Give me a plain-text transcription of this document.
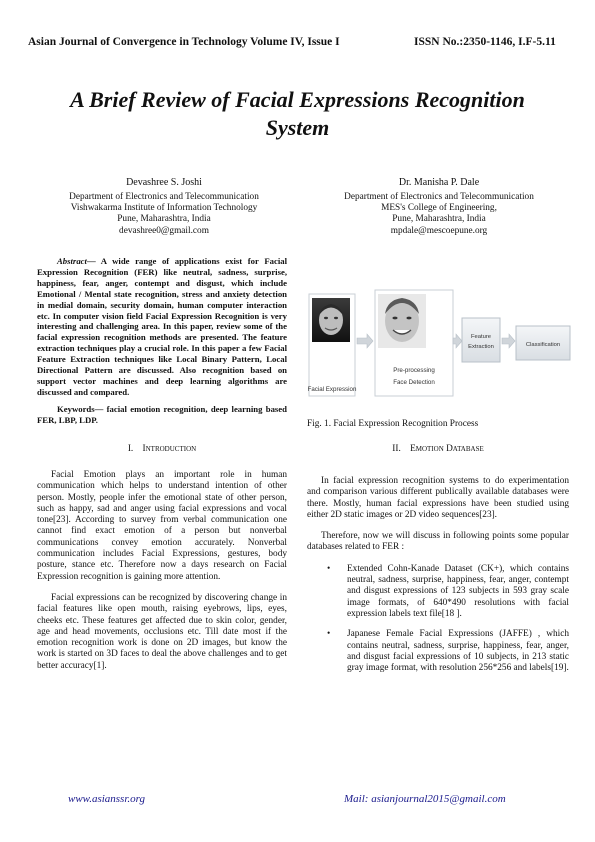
Asian Journal of Convergence in Technology Volume IV, Issue I	ISSN No.:2350-1146, I.F-5.11
A Brief Review of Facial Expressions Recognition
System
Devashree S. Joshi
Department of Electronics and Telecommunication
Vishwakarma Institute of Information Technology
Pune, Maharashtra, India
devashree0@gmail.com
Dr. Manisha P. Dale
Department of Electronics and Telecommunication
MES's College of Engineering,
Pune, Maharashtra, India
mpdale@mescoepune.org
Abstract— A wide range of applications exist for Facial Expression Recognition (FER) like neutral, sadness, surprise, happiness, fear, anger, contempt and disgust, which include Emotional / Mental state recognition, stress and anxiety detection in medial domain, security domain, human computer interaction etc. In computer vision field Facial Expression Recognition is very interesting and challenging area. In this paper, review some of the facial expression recognition methods are presented. The feature extraction techniques play a crucial role. In this paper a few Facial Feature Extraction techniques like Local Binary Pattern, Local Directional Pattern are discussed. Also recognition based on support vector machines and deep learning algorithms are discussed and compared.
Keywords— facial emotion recognition, deep learning based FER, LBP, LDP.
I. Introduction

Facial Emotion plays an important role in human communication which helps to understand intention of other person. Mostly, people infer the emotional state of other person, such as happy, sad and anger using facial expressions and vocal tone[23]. According to survey from verbal communication one cannot find exact emotion of a person but nonverbal communications convey emotion accurately. Nonverbal communication includes Facial Expressions, gestures, body posture, stance etc. Therefore now a days research on Facial Expression recognition is gaining more attention.

Facial expressions can be recognized by discovering change in facial features like open mouth, raising eyebrows, lips, eyes, cheeks etc. These features get affected due to skin color, gender, age and head movements, occlusions etc. Till date most if the emotion recognition work is done on 2D images, but know the work is started on 3D faces to deal the above challenges and to get better accuracy[1].

Facial Expression
Pre-processing
Face Detection
Feature
Extraction	Classification
Fig. 1. Facial Expression Recognition Process
II. Emotion Database

In facial expression recognition systems to do experimentation and comparison various different publically available databases were there. Mostly, human facial expressions have been studied using either 2D static images or 2D video sequences[23].

Therefore, now we will discuss in following points some popular databases related to FER :

• Extended Cohn-Kanade Dataset (CK+), which contains neutral, sadness, surprise, happiness, fear, anger, contempt and disgust expressions of 123 subjects in 593 gray scale image formats, of 640*490 resolutions with facial expression labels text file[18 ].
• Japanese Female Facial Expressions (JAFFE) , which contains neutral, sadness, surprise, happiness, fear, anger, and disgust facial expressions of 10 subjects, in 213 static gray image format, with resolution 256*256 and labels[19].
www.asianssr.org	Mail: asianjournal2015@gmail.com
